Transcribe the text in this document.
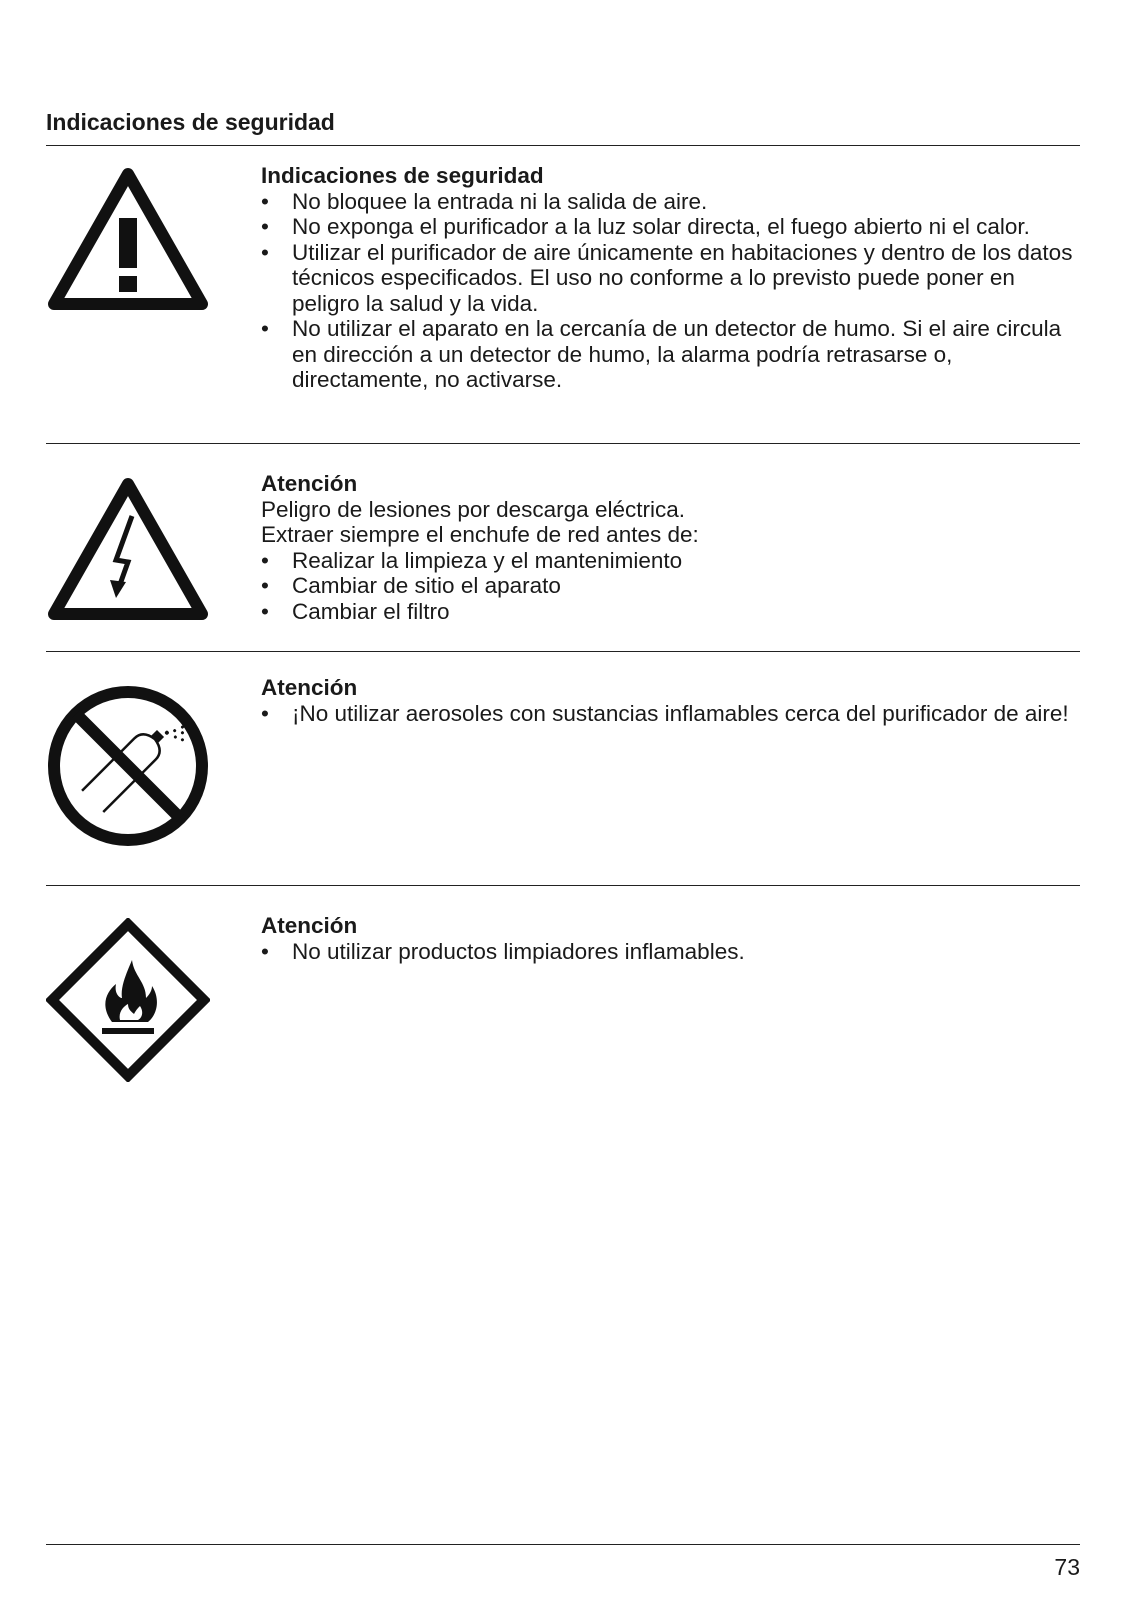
Indicaciones de seguridad
Indicaciones de seguridad
• No bloquee la entrada ni la salida de aire.
• No exponga el purificador a la luz solar directa, el fuego abierto ni el calor.
• Utilizar el purificador de aire únicamente en habitaciones y dentro de los datos técnicos especificados. El uso no conforme a lo previsto puede poner en peligro la salud y la vida.
• No utilizar el aparato en la cercanía de un detector de humo. Si el aire circula en dirección a un detector de humo, la alarma podría retrasarse o, directamente, no activarse.
Atención

Peligro de lesiones por descarga eléctrica.

Extraer siempre el enchufe de red antes de:

• Realizar la limpieza y el mantenimiento
• Cambiar de sitio el aparato
• Cambiar el filtro
Atención
• ¡No utilizar aerosoles con sustancias inflamables cerca del purificador de aire!
Atención
• No utilizar productos limpiadores inflamables.
73
